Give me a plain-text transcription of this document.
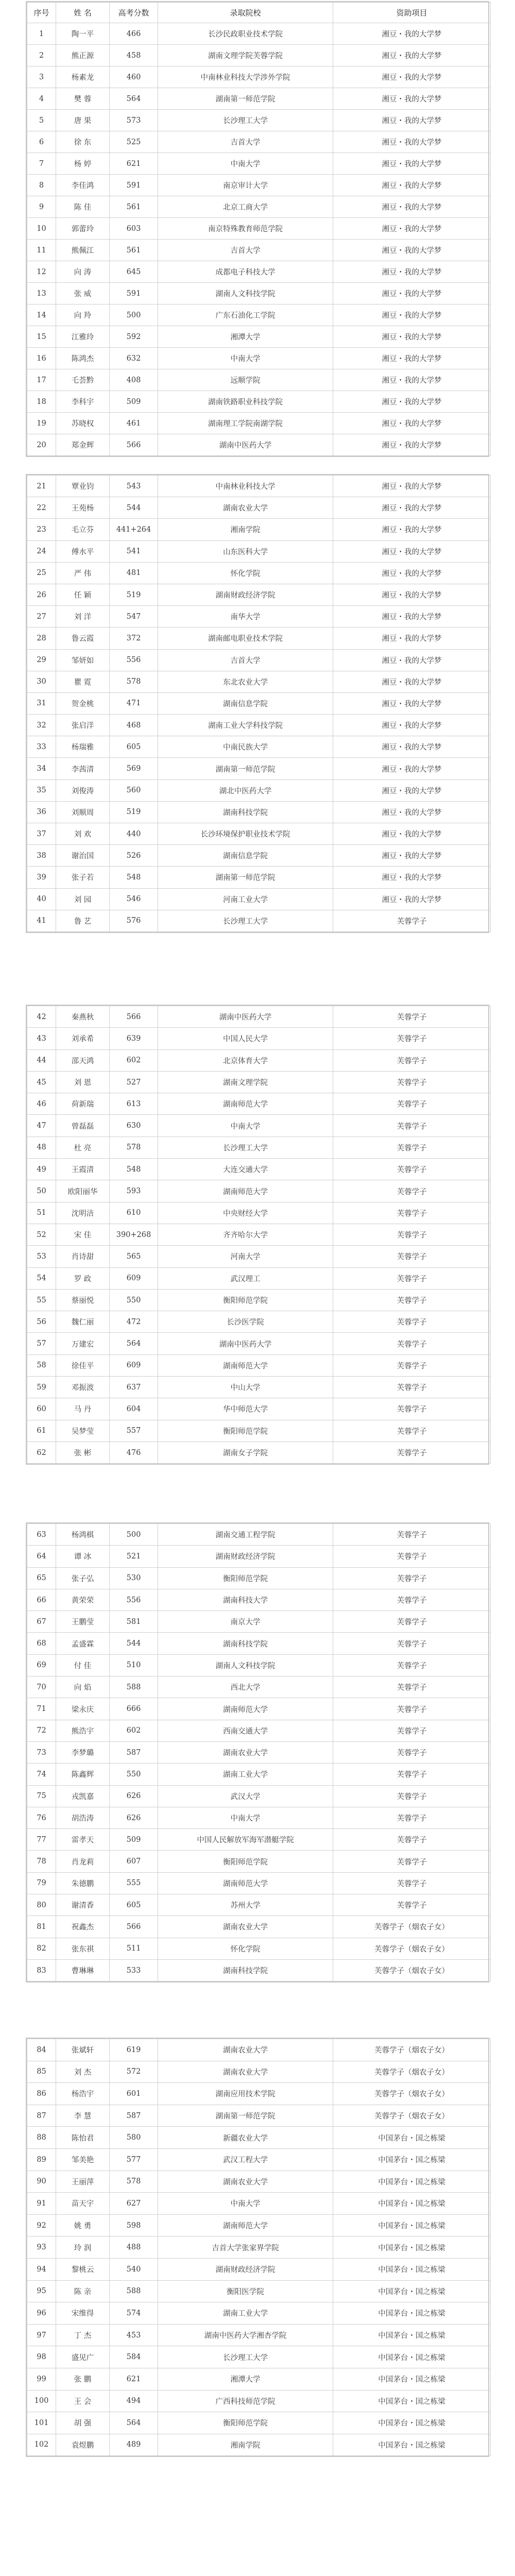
序号	姓 名	高考分数	录取院校	资助项目
1	陶一平	466	长沙民政职业技术学院	湘豆・我的大学梦
2	熊正源	458	湖南文理学院芙蓉学院	湘豆・我的大学梦
3	杨素龙	460	中南林业科技大学涉外学院	湘豆・我的大学梦
4	樊 蓉	564	湖南第一师范学院	湘豆・我的大学梦
5	唐 果	573	长沙理工大学	湘豆・我的大学梦
6	徐 东	525	吉首大学	湘豆・我的大学梦
7	杨 婷	621	中南大学	湘豆・我的大学梦
8	李佳鸿	591	南京审计大学	湘豆・我的大学梦
9	陈 佳	561	北京工商大学	湘豆・我的大学梦
10	郭蕾玲	603	南京特殊教育师范学院	湘豆・我的大学梦
11	熊佩江	561	吉首大学	湘豆・我的大学梦
12	向 涛	645	成都电子科技大学	湘豆・我的大学梦
13	张 威	591	湖南人文科技学院	湘豆・我的大学梦
14	向 羚	500	广东石油化工学院	湘豆・我的大学梦
15	江雅玲	592	湘潭大学	湘豆・我的大学梦
16	陈鸿杰	632	中南大学	湘豆・我的大学梦
17	乇荟黔	408	远顺学院	湘豆・我的大学梦
18	李科宇	509	湖南铁路职业科技学院	湘豆・我的大学梦
19	苏晓权	461	湖南理工学院南湖学院	湘豆・我的大学梦
20	郑金辉	566	湖南中医药大学	湘豆・我的大学梦
21	覃业钧	543	中南林业科技大学	湘豆・我的大学梦
22	王苑杨	544	湖南农业大学	湘豆・我的大学梦
23	毛立芬	441+264	湘南学院	湘豆・我的大学梦
24	傅水平	541	山东医科大学	湘豆・我的大学梦
25	严 伟	481	怀化学院	湘豆・我的大学梦
26	任 颖	519	湖南财政经济学院	湘豆・我的大学梦
27	刘 洋	547	南华大学	湘豆・我的大学梦
28	鲁云霞	372	湖南邮电职业技术学院	湘豆・我的大学梦
29	邹妍如	556	吉首大学	湘豆・我的大学梦
30	瞿 霓	578	东北农业大学	湘豆・我的大学梦
31	贺金桃	471	湖南信息学院	湘豆・我的大学梦
32	张启洋	468	湖南工业大学科技学院	湘豆・我的大学梦
33	杨瑞雅	605	中南民族大学	湘豆・我的大学梦
34	李茜清	569	湖南第一师范学院	湘豆・我的大学梦
35	刘俊涛	560	湖北中医药大学	湘豆・我的大学梦
36	刘顺周	519	湖南科技学院	湘豆・我的大学梦
37	刘 欢	440	长沙环境保护职业技术学院	湘豆・我的大学梦
38	谢治国	526	湖南信息学院	湘豆・我的大学梦
39	张子若	548	湖南第一师范学院	湘豆・我的大学梦
40	刘 园	546	河南工业大学	湘豆・我的大学梦
41	鲁 艺	576	长沙理工大学	芙蓉学子
42	秦燕秋	566	湖南中医药大学	芙蓉学子
43	刘承希	639	中国人民大学	芙蓉学子
44	邵天鸿	602	北京体育大学	芙蓉学子
45	刘 恩	527	湖南文理学院	芙蓉学子
46	荷新瑞	613	湖南师范大学	芙蓉学子
47	曾磊磊	630	中南大学	芙蓉学子
48	杜 亮	578	长沙理工大学	芙蓉学子
49	王霞清	548	大连交通大学	芙蓉学子
50	欧阳丽华	593	湖南师范大学	芙蓉学子
51	沈明洁	610	中央财经大学	芙蓉学子
52	宋 佳	390+268	齐齐哈尔大学	芙蓉学子
53	肖诗甜	565	河南大学	芙蓉学子
54	罗 政	609	武汉理工	芙蓉学子
55	蔡丽悦	550	衡阳师范学院	芙蓉学子
56	魏仁丽	472	长沙医学院	芙蓉学子
57	万建宏	564	湖南中医药大学	芙蓉学子
58	徐佳平	609	湖南师范大学	芙蓉学子
59	邓振波	637	中山大学	芙蓉学子
60	马 丹	604	华中师范大学	芙蓉学子
61	吴梦莹	557	衡阳师范学院	芙蓉学子
62	张 彬	476	湖南女子学院	芙蓉学子
63	杨鸿棋	500	湖南交通工程学院	芙蓉学子
64	谭 冰	521	湖南财政经济学院	芙蓉学子
65	张子弘	530	衡阳师范学院	芙蓉学子
66	黄荣荣	556	湖南科技大学	芙蓉学子
67	王鹏莹	581	南京大学	芙蓉学子
68	孟盛霖	544	湖南科技学院	芙蓉学子
69	付 佳	510	湖南人文科技学院	芙蓉学子
70	向 焰	588	西北大学	芙蓉学子
71	梁永庆	666	湖南师范大学	芙蓉学子
72	熊浩宇	602	西南交通大学	芙蓉学子
73	李梦璐	587	湖南农业大学	芙蓉学子
74	陈鑫辉	550	湖南工业大学	芙蓉学子
75	戎凯嘉	626	武汉大学	芙蓉学子
76	胡浩涛	626	中南大学	芙蓉学子
77	雷孝天	509	中国人民解放军海军潜艇学院	芙蓉学子
78	肖龙莉	607	衡阳师范学院	芙蓉学子
79	朱德鹏	555	湖南师范大学	芙蓉学子
80	谢清香	605	苏州大学	芙蓉学子
81	祝鑫杰	566	湖南农业大学	芙蓉学子（烟农子女）
82	张东祺	511	怀化学院	芙蓉学子（烟农子女）
83	曹琳琳	533	湖南科技学院	芙蓉学子（烟农子女）
84	张斌轩	619	湖南农业大学	芙蓉学子（烟农子女）
85	刘 杰	572	湖南农业大学	芙蓉学子（烟农子女）
86	杨浩宇	601	湖南应用技术学院	芙蓉学子（烟农子女）
87	李 慧	587	湖南第一师范学院	芙蓉学子（烟农子女）
88	陈怡君	580	新疆农业大学	中国茅台・国之栋梁
89	邹美艳	577	武汉工程大学	中国茅台・国之栋梁
90	王丽萍	578	湖南农业大学	中国茅台・国之栋梁
91	苗天宇	627	中南大学	中国茅台・国之栋梁
92	姚 勇	598	湖南师范大学	中国茅台・国之栋梁
93	玲 润	488	吉首大学张家界学院	中国茅台・国之栋梁
94	黎桃云	540	湖南财政经济学院	中国茅台・国之栋梁
95	陈 亲	588	衡阳医学院	中国茅台・国之栋梁
96	宋维得	574	湖南工业大学	中国茅台・国之栋梁
97	丁 杰	453	湖南中医药大学湘杏学院	中国茅台・国之栋梁
98	盛见广	584	长沙理工大学	中国茅台・国之栋梁
99	张 鹏	621	湘潭大学	中国茅台・国之栋梁
100	王 会	494	广西科技师范学院	中国茅台・国之栋梁
101	胡 强	564	衡阳师范学院	中国茅台・国之栋梁
102	袁煜鹏	489	湘南学院	中国茅台・国之栋梁
